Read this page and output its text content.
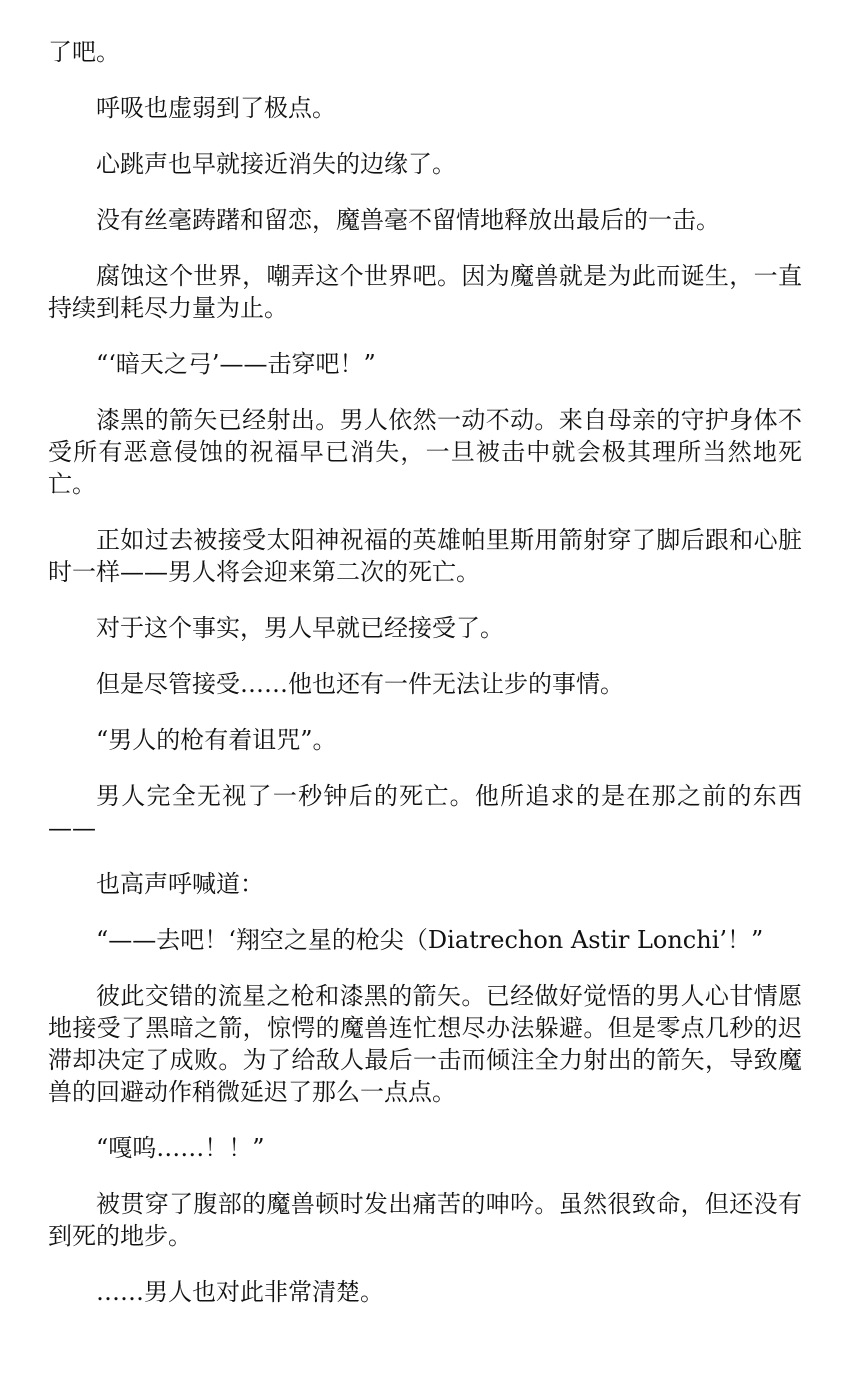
了吧。

呼吸也虚弱到了极点。

心跳声也早就接近消失的边缘了。

没有丝毫踌躇和留恋，魔兽毫不留情地释放出最后的一击。

腐蚀这个世界，嘲弄这个世界吧。因为魔兽就是为此而诞生，一直持续到耗尽力量为止。

“‘暗天之弓’——击穿吧！”

漆黑的箭矢已经射出。男人依然一动不动。来自母亲的守护身体不受所有恶意侵蚀的祝福早已消失，一旦被击中就会极其理所当然地死亡。

正如过去被接受太阳神祝福的英雄帕里斯用箭射穿了脚后跟和心脏时一样——男人将会迎来第二次的死亡。

对于这个事实，男人早就已经接受了。

但是尽管接受……他也还有一件无法让步的事情。

“男人的枪有着诅咒”。

男人完全无视了一秒钟后的死亡。他所追求的是在那之前的东西——

也高声呼喊道：

“——去吧！‘翔空之星的枪尖（Diatrechon Astir Lonchi’！”

彼此交错的流星之枪和漆黑的箭矢。已经做好觉悟的男人心甘情愿地接受了黑暗之箭，惊愕的魔兽连忙想尽办法躲避。但是零点几秒的迟滞却决定了成败。为了给敌人最后一击而倾注全力射出的箭矢，导致魔兽的回避动作稍微延迟了那么一点点。

“嘎呜……！！”

被贯穿了腹部的魔兽顿时发出痛苦的呻吟。虽然很致命，但还没有到死的地步。

……男人也对此非常清楚。
